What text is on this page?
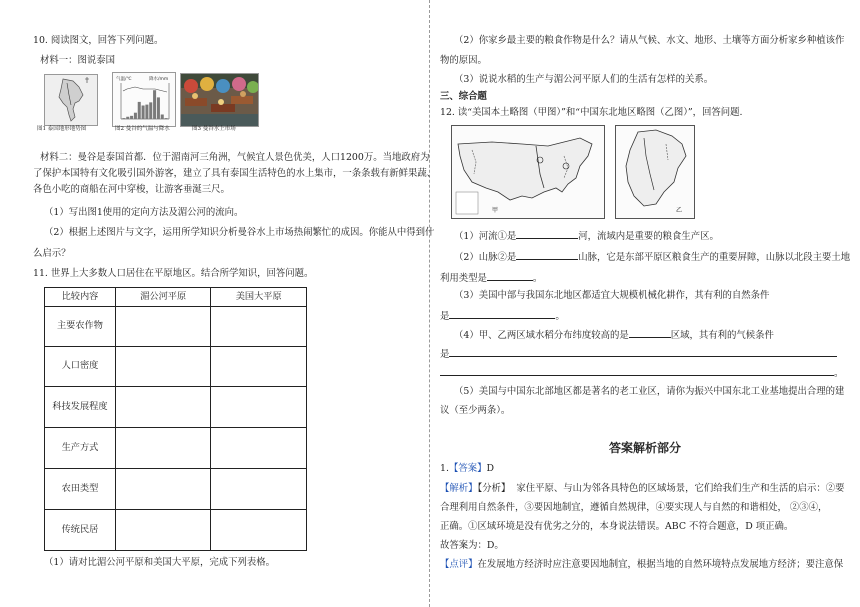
10. 阅读图文，回答下列问题。
材料一：图说泰国
图1 泰国地形地势图
气温/℃	降水/mm
图2 曼谷的气温与降水	图3 曼谷水上市场
材料二：曼谷是泰国首都．位于湄南河三角洲，气候宜人景色优美，人口1200万。当地政府为
了保护本国特有文化吸引国外游客，建立了具有泰国生活特色的水上集市，一条条载有新鲜果蔬、
各色小吃的商船在河中穿梭，让游客垂涎三尺。
（1）写出图1使用的定向方法及湄公河的流向。
（2）根据上述图片与文字，运用所学知识分析曼谷水上市场热闹繁忙的成因。你能从中得到什
么启示？
11. 世界上大多数人口居住在平原地区。结合所学知识，回答问题。
比较内容	湄公河平原	美国大平原
主要农作物		
人口密度		
科技发展程度		
生产方式		
农田类型		
传统民居		
（1）请对比湄公河平原和美国大平原，完成下列表格。
（2）你家乡最主要的粮食作物是什么？请从气候、水文、地形、土壤等方面分析家乡种植该作
物的原因。
（3）说说水稻的生产与湄公河平原人们的生活有怎样的关系。
三、综合题
12. 读“美国本土略图（甲图）”和“中国东北地区略图（乙图）”，回答问题.
甲	乙
（1）河流①是	河，流域内是重要的粮食生产区。
（2）山脉②是	山脉，它是东部平原区粮食生产的重要屏障，山脉以北段主要土地
利用类型是	。
（3）美国中部与我国东北地区都适宜大规模机械化耕作，其有利的自然条件
是	。
（4）甲、乙两区域水稻分布纬度较高的是	区域，其有利的气候条件
是
。
（5）美国与中国东北部地区都是著名的老工业区，请你为振兴中国东北工业基地提出合理的建
议（至少两条）。
答案解析部分
1.【答案】D
【解析】【分析】 家住平原、与山为邻各具特色的区域场景，它们给我们生产和生活的启示：②要
合理利用自然条件，③要因地制宜，遵循自然规律，④要实现人与自然的和谐相处， ②③④，
正确。①区域环境是没有优劣之分的，本身说法错误。ABC 不符合题意，D 项正确。
故答案为：D。
【点评】在发展地方经济时应注意要因地制宜，根据当地的自然环境特点发展地方经济；要注意保
